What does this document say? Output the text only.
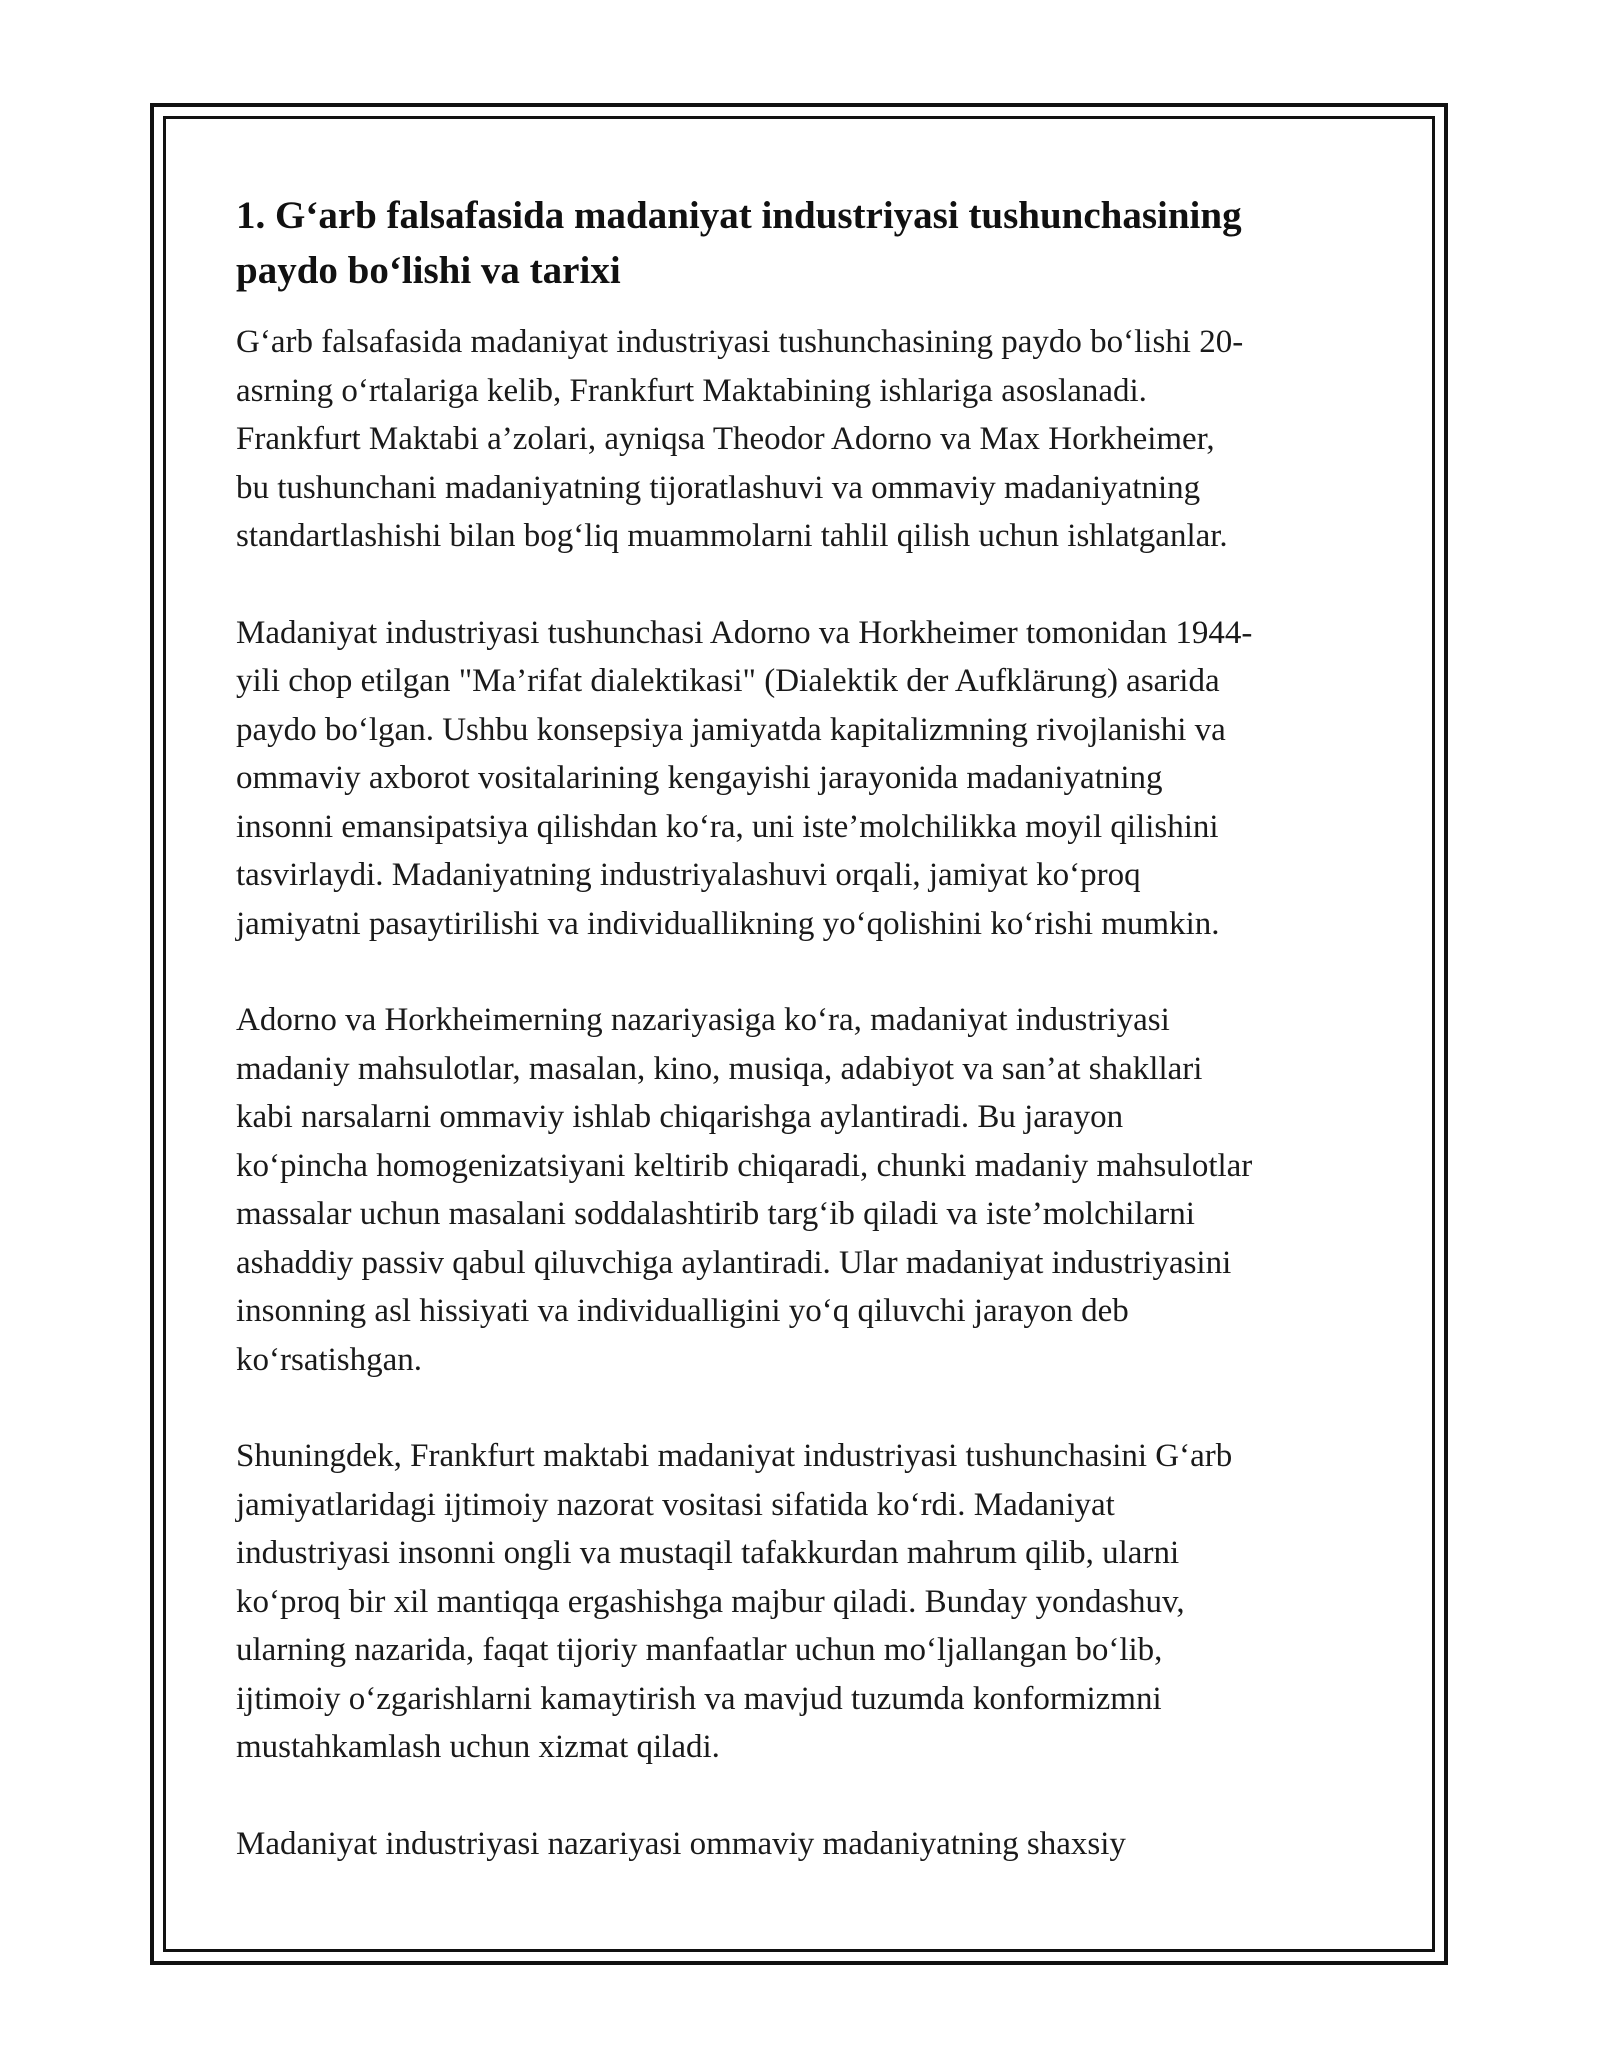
1. G‘arb falsafasida madaniyat industriyasi tushunchasining
paydo bo‘lishi va tarixi

G‘arb falsafasida madaniyat industriyasi tushunchasining paydo bo‘lishi 20-
asrning o‘rtalariga kelib, Frankfurt Maktabining ishlariga asoslanadi.
Frankfurt Maktabi a’zolari, ayniqsa Theodor Adorno va Max Horkheimer,
bu tushunchani madaniyatning tijoratlashuvi va ommaviy madaniyatning
standartlashishi bilan bog‘liq muammolarni tahlil qilish uchun ishlatganlar.

Madaniyat industriyasi tushunchasi Adorno va Horkheimer tomonidan 1944-
yili chop etilgan "Ma’rifat dialektikasi" (Dialektik der Aufklärung) asarida
paydo bo‘lgan. Ushbu konsepsiya jamiyatda kapitalizmning rivojlanishi va
ommaviy axborot vositalarining kengayishi jarayonida madaniyatning
insonni emansipatsiya qilishdan ko‘ra, uni iste’molchilikka moyil qilishini
tasvirlaydi. Madaniyatning industriyalashuvi orqali, jamiyat ko‘proq
jamiyatni pasaytirilishi va individuallikning yo‘qolishini ko‘rishi mumkin.

Adorno va Horkheimerning nazariyasiga ko‘ra, madaniyat industriyasi
madaniy mahsulotlar, masalan, kino, musiqa, adabiyot va san’at shakllari
kabi narsalarni ommaviy ishlab chiqarishga aylantiradi. Bu jarayon
ko‘pincha homogenizatsiyani keltirib chiqaradi, chunki madaniy mahsulotlar
massalar uchun masalani soddalashtirib targ‘ib qiladi va iste’molchilarni
ashaddiy passiv qabul qiluvchiga aylantiradi. Ular madaniyat industriyasini
insonning asl hissiyati va individualligini yo‘q qiluvchi jarayon deb
ko‘rsatishgan.

Shuningdek, Frankfurt maktabi madaniyat industriyasi tushunchasini G‘arb
jamiyatlaridagi ijtimoiy nazorat vositasi sifatida ko‘rdi. Madaniyat
industriyasi insonni ongli va mustaqil tafakkurdan mahrum qilib, ularni
ko‘proq bir xil mantiqqa ergashishga majbur qiladi. Bunday yondashuv,
ularning nazarida, faqat tijoriy manfaatlar uchun mo‘ljallangan bo‘lib,
ijtimoiy o‘zgarishlarni kamaytirish va mavjud tuzumda konformizmni
mustahkamlash uchun xizmat qiladi.

Madaniyat industriyasi nazariyasi ommaviy madaniyatning shaxsiy
